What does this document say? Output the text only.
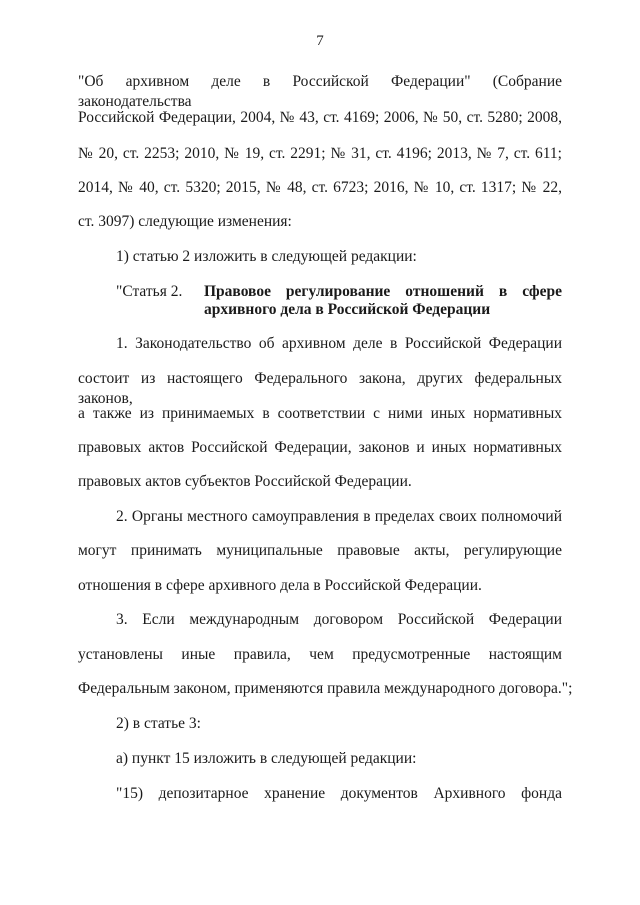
7
"Об архивном деле в Российской Федерации" (Собрание законодательства
Российской Федерации, 2004, № 43, ст. 4169; 2006, № 50, ст. 5280; 2008,
№ 20, ст. 2253; 2010, № 19, ст. 2291; № 31, ст. 4196; 2013, № 7, ст. 611;
2014, № 40, ст. 5320; 2015, № 48, ст. 6723; 2016, № 10, ст. 1317; № 22,
ст. 3097) следующие изменения:
1) статью 2 изложить в следующей редакции:
"Статья 2. Правовое регулирование отношений в сфере
архивного дела в Российской Федерации
1. Законодательство об архивном деле в Российской Федерации
состоит из настоящего Федерального закона, других федеральных законов,
а также из принимаемых в соответствии с ними иных нормативных
правовых актов Российской Федерации, законов и иных нормативных
правовых актов субъектов Российской Федерации.
2. Органы местного самоуправления в пределах своих полномочий
могут принимать муниципальные правовые акты, регулирующие
отношения в сфере архивного дела в Российской Федерации.
3. Если международным договором Российской Федерации
установлены иные правила, чем предусмотренные настоящим
Федеральным законом, применяются правила международного договора.";
2) в статье 3:
а) пункт 15 изложить в следующей редакции:
"15) депозитарное хранение документов Архивного фонда
